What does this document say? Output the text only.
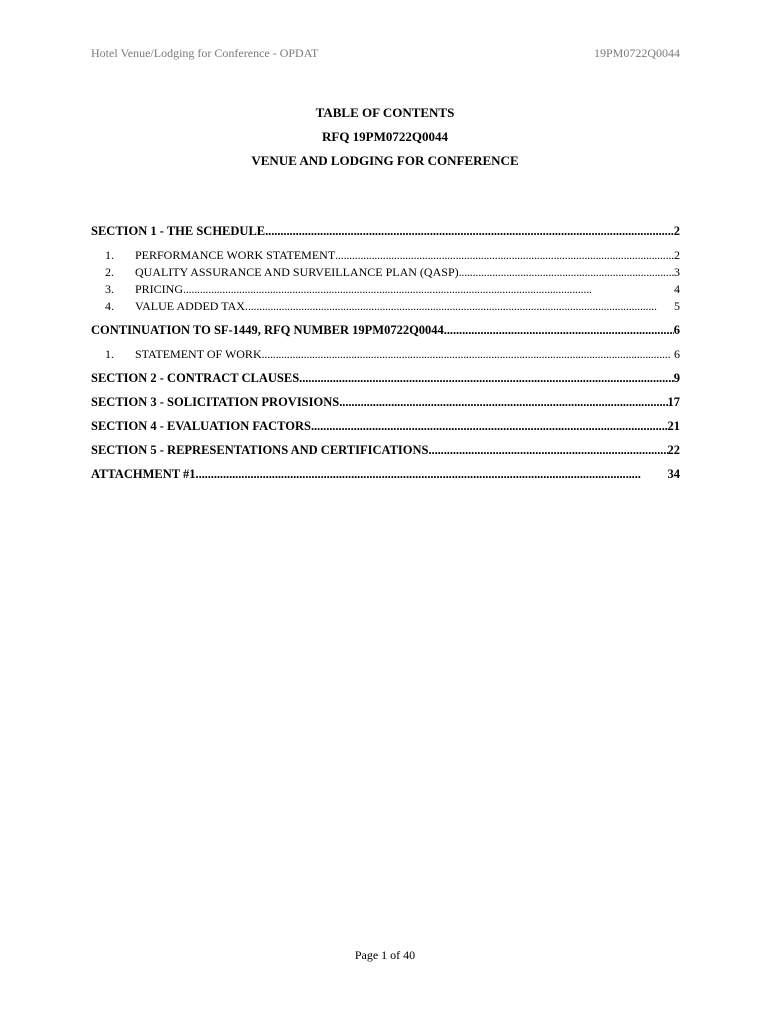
Hotel Venue/Lodging for Conference - OPDAT	19PM0722Q0044
TABLE OF CONTENTS
RFQ 19PM0722Q0044
VENUE AND LODGING FOR CONFERENCE
SECTION 1 - THE SCHEDULE . . .	2
1. PERFORMANCE WORK STATEMENT . . .	2
2. QUALITY ASSURANCE AND SURVEILLANCE PLAN (QASP) . . .	3
3. PRICING . . .	4
4. VALUE ADDED TAX. . . .	5
CONTINUATION TO SF-1449, RFQ NUMBER 19PM0722Q0044 . . .	6
1. STATEMENT OF WORK . . .	6
SECTION 2 - CONTRACT CLAUSES . . .	9
SECTION 3 - SOLICITATION PROVISIONS . . .	17
SECTION 4 - EVALUATION FACTORS . . .	21
SECTION 5 - REPRESENTATIONS AND CERTIFICATIONS . . .	22
ATTACHMENT #1 . . .	34
Page 1 of 40
